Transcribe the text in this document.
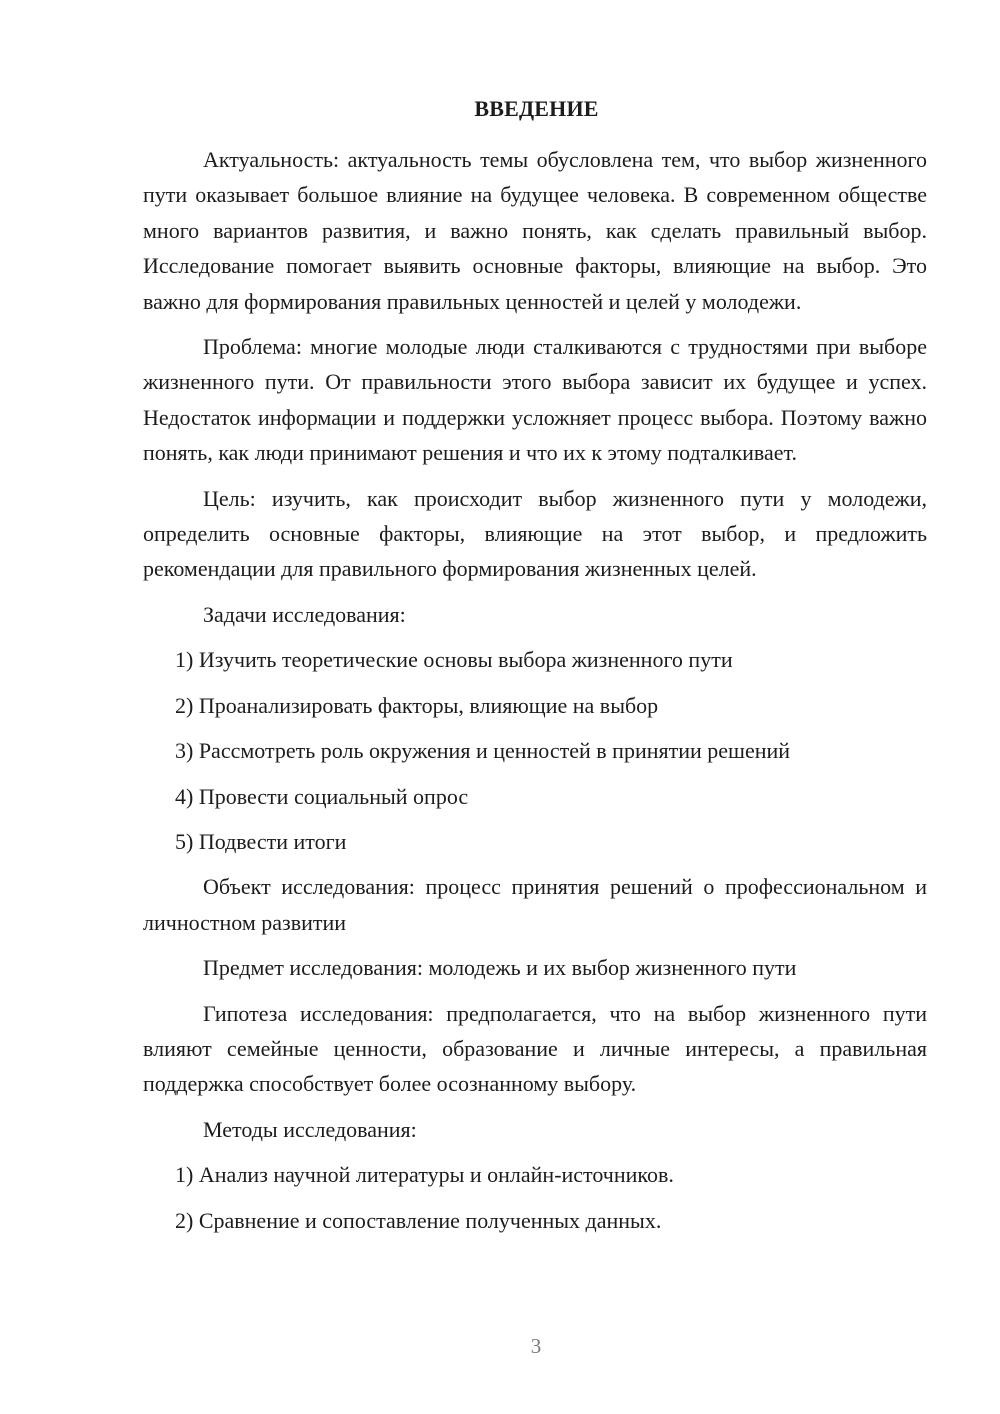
ВВЕДЕНИЕ

Актуальность: актуальность темы обусловлена тем, что выбор жизненного пути оказывает большое влияние на будущее человека. В современном обществе много вариантов развития, и важно понять, как сделать правильный выбор. Исследование помогает выявить основные факторы, влияющие на выбор. Это важно для формирования правильных ценностей и целей у молодежи.

Проблема: многие молодые люди сталкиваются с трудностями при выборе жизненного пути. От правильности этого выбора зависит их будущее и успех. Недостаток информации и поддержки усложняет процесс выбора. Поэтому важно понять, как люди принимают решения и что их к этому подталкивает.

Цель: изучить, как происходит выбор жизненного пути у молодежи, определить основные факторы, влияющие на этот выбор, и предложить рекомендации для правильного формирования жизненных целей.

Задачи исследования:

1) Изучить теоретические основы выбора жизненного пути

2) Проанализировать факторы, влияющие на выбор

3) Рассмотреть роль окружения и ценностей в принятии решений

4) Провести социальный опрос

5) Подвести итоги

Объект исследования: процесс принятия решений о профессиональном и личностном развитии

Предмет исследования: молодежь и их выбор жизненного пути

Гипотеза исследования: предполагается, что на выбор жизненного пути влияют семейные ценности, образование и личные интересы, а правильная поддержка способствует более осознанному выбору.

Методы исследования:

1) Анализ научной литературы и онлайн-источников.

2) Сравнение и сопоставление полученных данных.

3
